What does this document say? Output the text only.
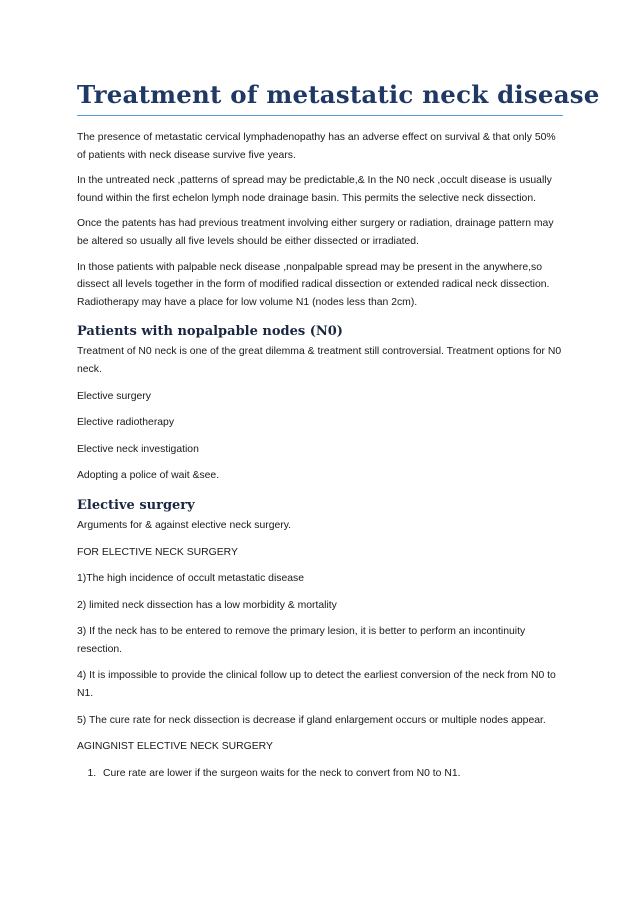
Treatment of metastatic neck disease

The presence of metastatic cervical lymphadenopathy has an adverse effect on survival & that only 50% of patients with neck disease survive five years.

In the untreated neck ,patterns of spread may be predictable,& In the N0 neck ,occult disease is usually found within the first echelon lymph node drainage basin. This permits the selective neck dissection.

Once the patents has had previous treatment involving either surgery or radiation, drainage pattern may be altered so usually all five levels should be either dissected or irradiated.

In those patients with palpable neck disease ,nonpalpable spread may be present in the anywhere,so dissect all levels together in the form of modified radical dissection or extended radical neck dissection. Radiotherapy may have a place for low volume N1 (nodes less than 2cm).

Patients with nopalpable nodes (N0)

Treatment of N0 neck is one of the great dilemma & treatment still controversial. Treatment options for N0 neck.

Elective surgery

Elective radiotherapy

Elective neck investigation

Adopting a police of wait &see.

Elective surgery

Arguments for & against elective neck surgery.

FOR ELECTIVE NECK SURGERY

1)The high incidence of occult metastatic disease

2) limited neck dissection has a low morbidity & mortality

3) If the neck has to be entered to remove the primary lesion, it is better to perform an incontinuity resection.

4) It is impossible to provide the clinical follow up to detect the earliest conversion of the neck from N0 to N1.

5) The cure rate for neck dissection is decrease if gland enlargement occurs or multiple nodes appear.

AGINGNIST ELECTIVE NECK SURGERY

1. Cure rate are lower if the surgeon waits for the neck to convert from N0 to N1.
